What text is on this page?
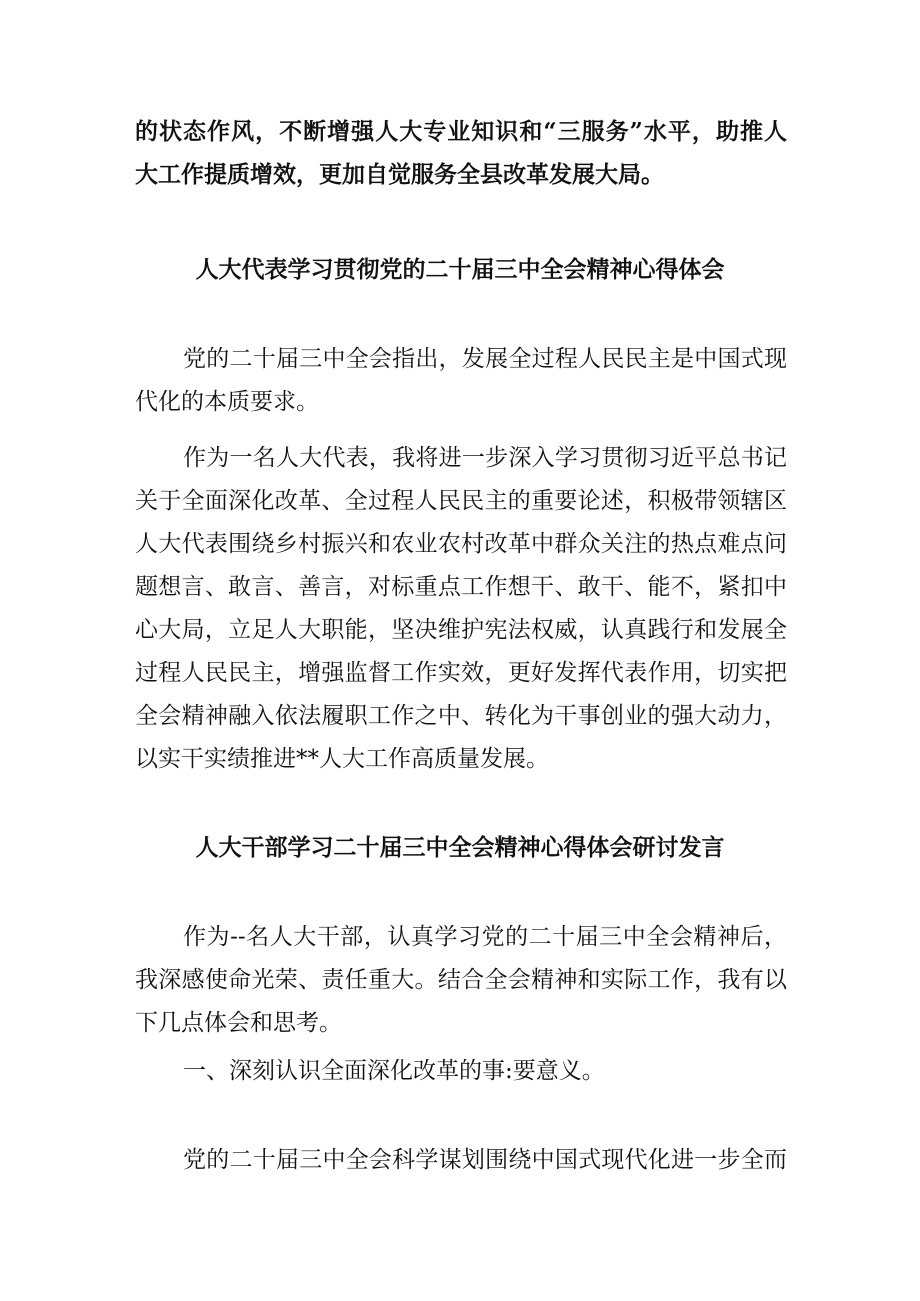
的状态作风，不断增强人大专业知识和“三服务”水平，助推人
大工作提质增效，更加自觉服务全县改革发展大局。
人大代表学习贯彻党的二十届三中全会精神心得体会
党的二十届三中全会指出，发展全过程人民民主是中国式现
代化的本质要求。
作为一名人大代表，我将进一步深入学习贯彻习近平总书记
关于全面深化改革、全过程人民民主的重要论述，积极带领辖区
人大代表围绕乡村振兴和农业农村改革中群众关注的热点难点问
题想言、敢言、善言，对标重点工作想干、敢干、能不，紧扣中
心大局，立足人大职能，坚决维护宪法权威，认真践行和发展全
过程人民民主，增强监督工作实效，更好发挥代表作用，切实把
全会精神融入依法履职工作之中、转化为干事创业的强大动力，
以实干实绩推进**人大工作高质量发展。
人大干部学习二十届三中全会精神心得体会研讨发言
作为--名人大干部，认真学习党的二十届三中全会精神后，
我深感使命光荣、责任重大。结合全会精神和实际工作，我有以
下几点体会和思考。
一、深刻认识全面深化改革的事:要意义。
党的二十届三中全会科学谋划围绕中国式现代化进一步全而
